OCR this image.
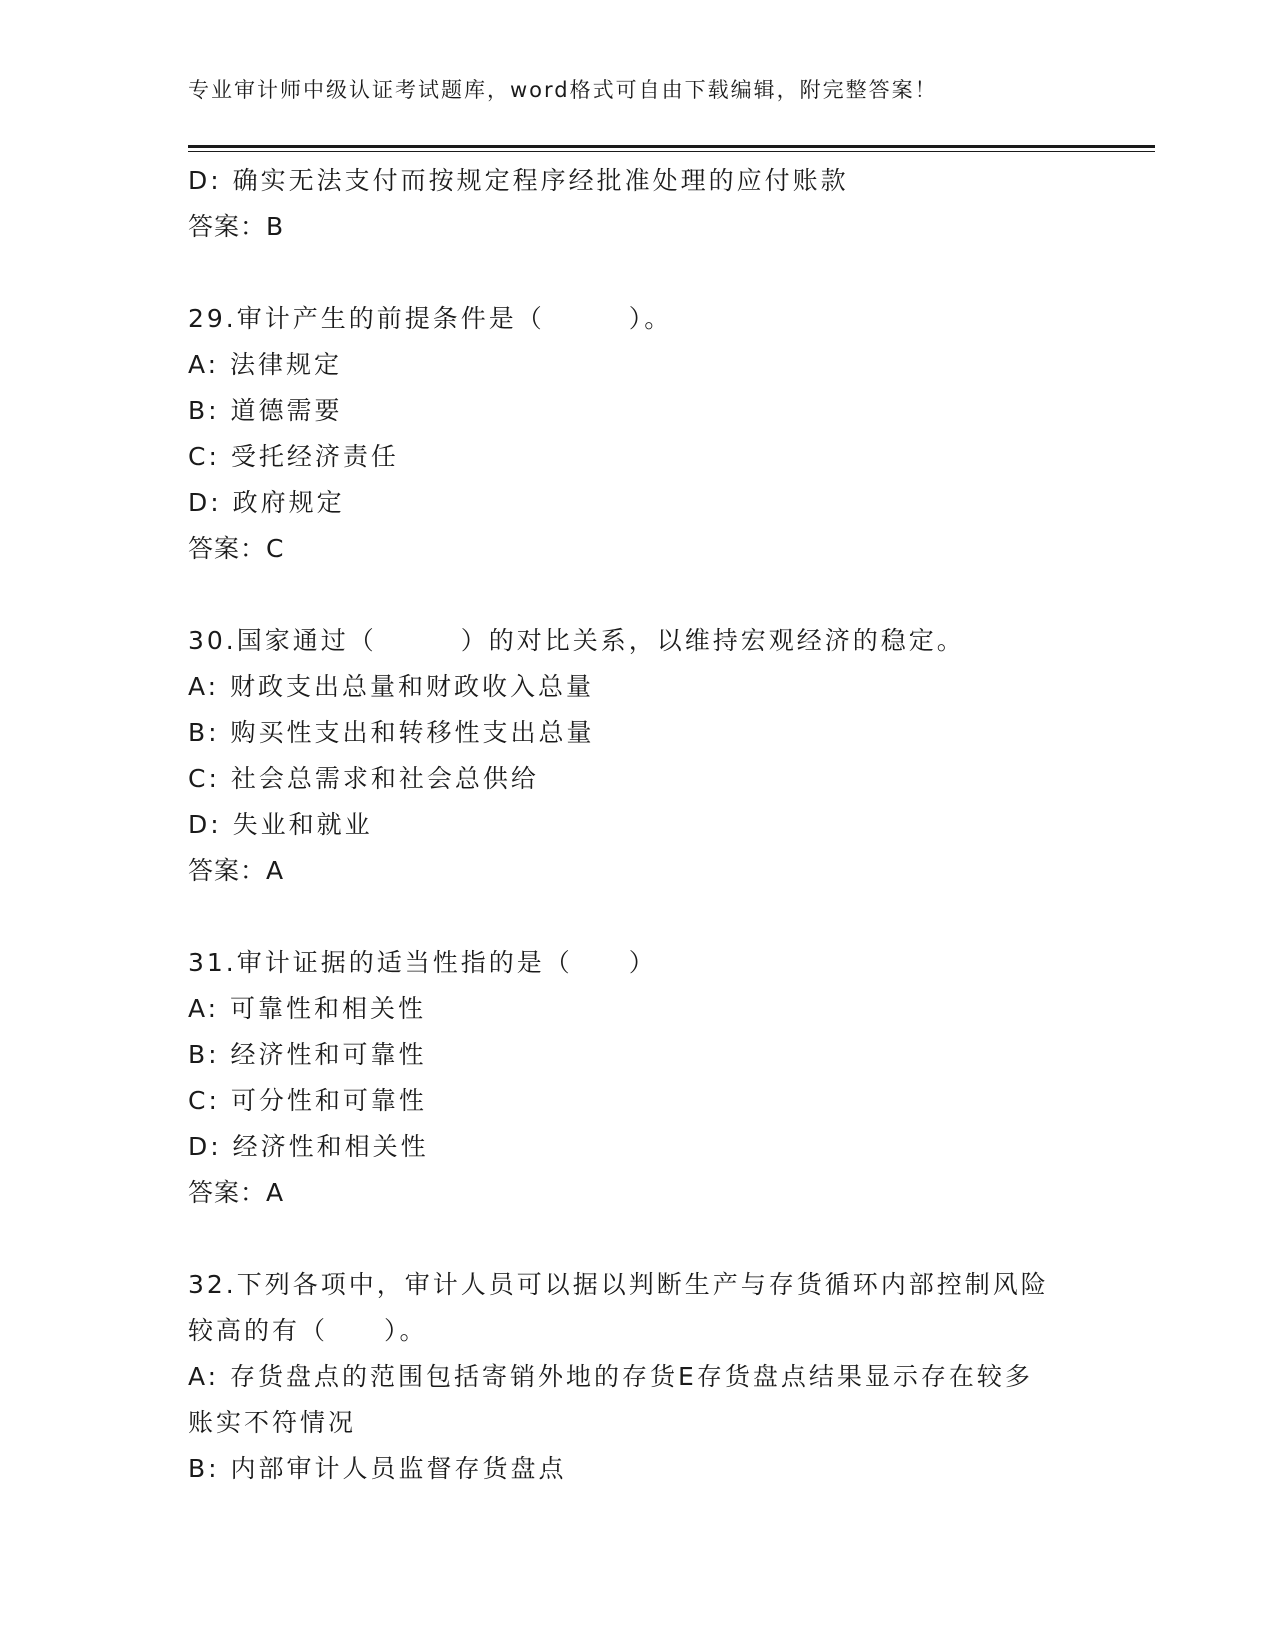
专业审计师中级认证考试题库，word格式可自由下载编辑，附完整答案！
D: 确实无法支付而按规定程序经批准处理的应付账款
答案：B
29.审计产生的前提条件是（　　　）。
A: 法律规定
B: 道德需要
C: 受托经济责任
D: 政府规定
答案：C
30.国家通过（　　　）的对比关系，以维持宏观经济的稳定。
A: 财政支出总量和财政收入总量
B: 购买性支出和转移性支出总量
C: 社会总需求和社会总供给
D: 失业和就业
答案：A
31.审计证据的适当性指的是（　　）
A: 可靠性和相关性
B: 经济性和可靠性
C: 可分性和可靠性
D: 经济性和相关性
答案：A
32.下列各项中，审计人员可以据以判断生产与存货循环内部控制风险
较高的有（　　）。
A: 存货盘点的范围包括寄销外地的存货E存货盘点结果显示存在较多
账实不符情况
B: 内部审计人员监督存货盘点
